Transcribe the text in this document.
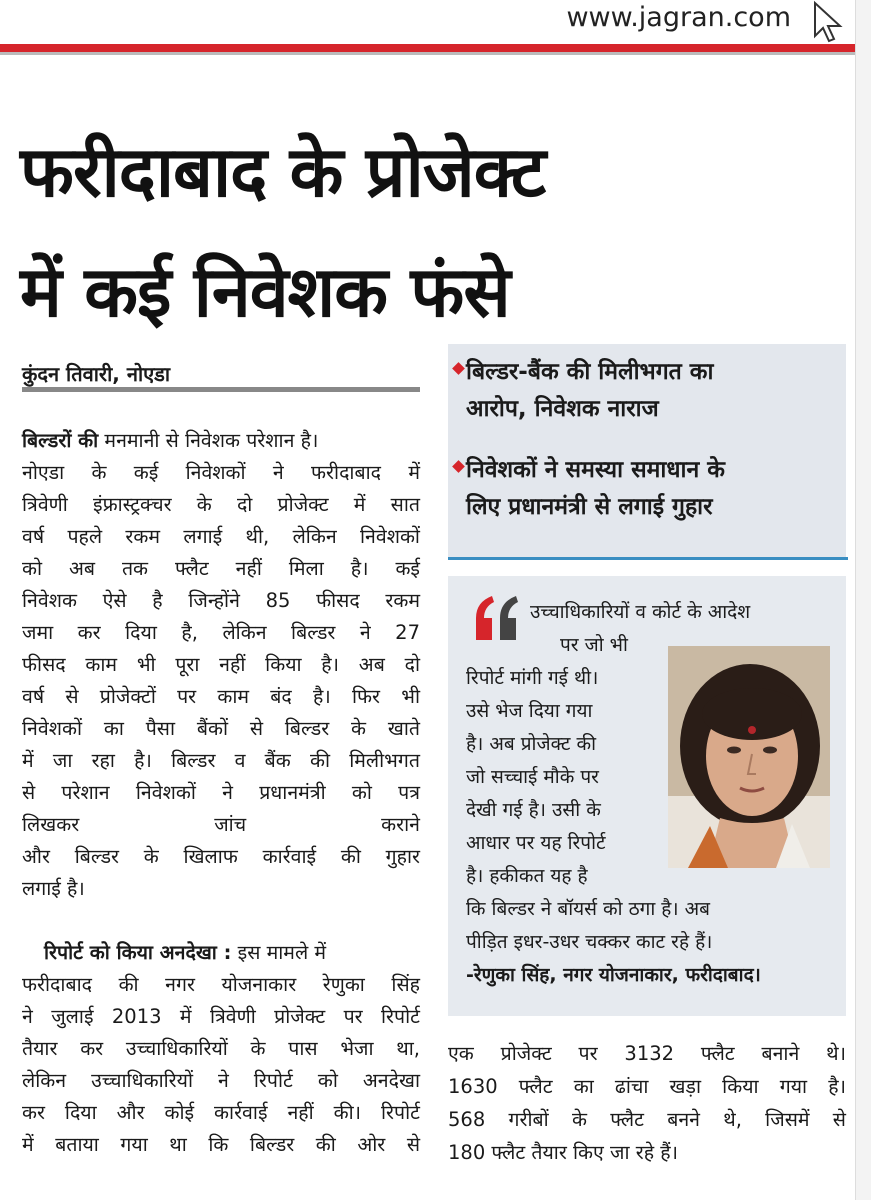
www.jagran.com
फरीदाबाद के प्रोजेक्ट
में कई निवेशक फंसे
कुंदन तिवारी, नोएडा	बिल्डर-बैंक की मिलीभगत का
आरोप, निवेशक नाराज
निवेशकों ने समस्या समाधान के
लिए प्रधानमंत्री से लगाई गुहार
बिल्डरों की मनमानी से निवेशक परेशान है।
नोएडा के कई निवेशकों ने फरीदाबाद में
त्रिवेणी इंफ्रास्ट्रक्चर के दो प्रोजेक्ट में सात
वर्ष पहले रकम लगाई थी, लेकिन निवेशकों
को अब तक फ्लैट नहीं मिला है। कई
निवेशक ऐसे है जिन्होंने 85 फीसद रकम
जमा कर दिया है, लेकिन बिल्डर ने 27
फीसद काम भी पूरा नहीं किया है। अब दो
वर्ष से प्रोजेक्टों पर काम बंद है। फिर भी
निवेशकों का पैसा बैंकों से बिल्डर के खाते
में जा रहा है। बिल्डर व बैंक की मिलीभगत
से परेशान निवेशकों ने प्रधानमंत्री को पत्र
लिखकर जांच कराने
और बिल्डर के खिलाफ कार्रवाई की गुहार
लगाई है।
रिपोर्ट को किया अनदेखा : इस मामले में
फरीदाबाद की नगर योजनाकार रेणुका सिंह
ने जुलाई 2013 में त्रिवेणी प्रोजेक्ट पर रिपोर्ट
तैयार कर उच्चाधिकारियों के पास भेजा था,
लेकिन उच्चाधिकारियों ने रिपोर्ट को अनदेखा
कर दिया और कोई कार्रवाई नहीं की। रिपोर्ट
में बताया गया था कि बिल्डर की ओर से
उच्चाधिकारियों व कोर्ट के आदेश
पर जो भी
रिपोर्ट मांगी गई थी।
उसे भेज दिया गया
है। अब प्रोजेक्ट की
जो सच्चाई मौके पर
देखी गई है। उसी के
आधार पर यह रिपोर्ट
है। हकीकत यह है
कि बिल्डर ने बॉयर्स को ठगा है। अब
पीड़ित इधर-उधर चक्कर काट रहे हैं।
-रेणुका सिंह, नगर योजनाकार, फरीदाबाद।
एक प्रोजेक्ट पर 3132 फ्लैट बनाने थे।
1630 फ्लैट का ढांचा खड़ा किया गया है।
568 गरीबों के फ्लैट बनने थे, जिसमें से
180 फ्लैट तैयार किए जा रहे हैं।
